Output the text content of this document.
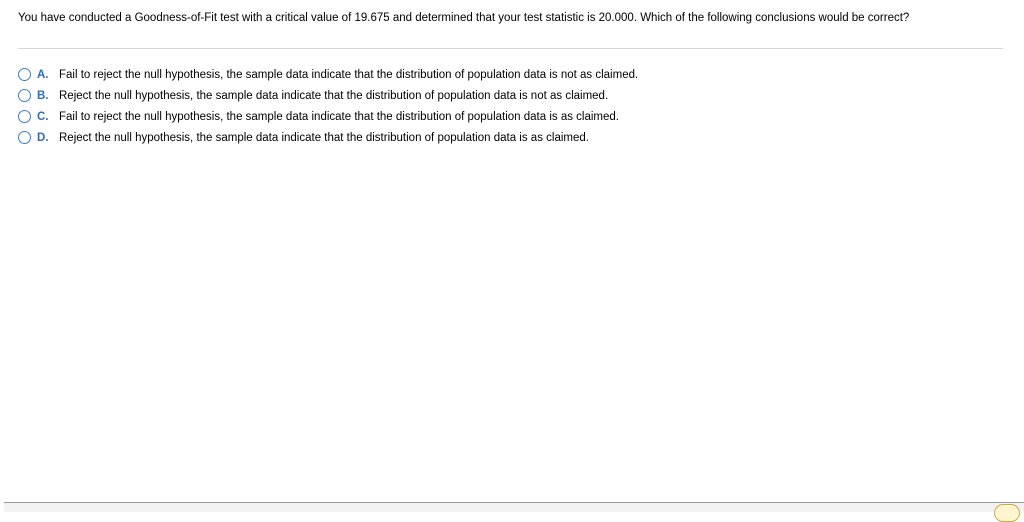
You have conducted a Goodness-of-Fit test with a critical value of 19.675 and determined that your test statistic is 20.000. Which of the following conclusions would be correct?
A. Fail to reject the null hypothesis, the sample data indicate that the distribution of population data is not as claimed.
B. Reject the null hypothesis, the sample data indicate that the distribution of population data is not as claimed.
C. Fail to reject the null hypothesis, the sample data indicate that the distribution of population data is as claimed.
D. Reject the null hypothesis, the sample data indicate that the distribution of population data is as claimed.
